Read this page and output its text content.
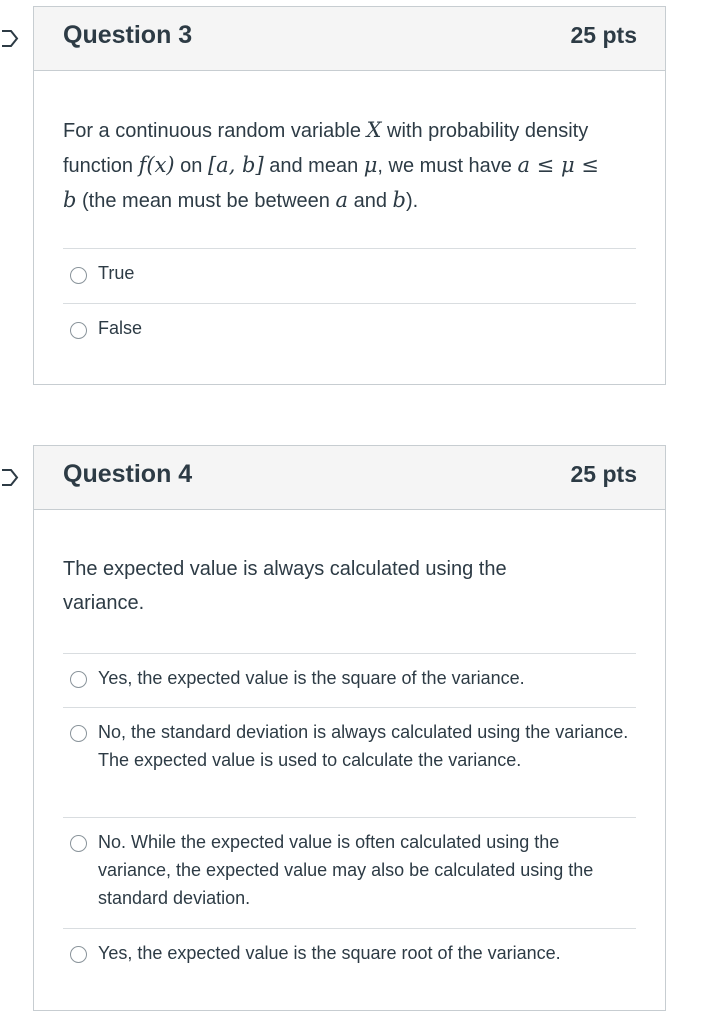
Question 3	25 pts
For a continuous random variable X with probability density function f(x) on [a, b] and mean μ, we must have a ≤ μ ≤ b (the mean must be between a and b).
True
False
Question 4	25 pts
The expected value is always calculated using the variance.
Yes, the expected value is the square of the variance.
No, the standard deviation is always calculated using the variance. The expected value is used to calculate the variance.
No. While the expected value is often calculated using the variance, the expected value may also be calculated using the standard deviation.
Yes, the expected value is the square root of the variance.
